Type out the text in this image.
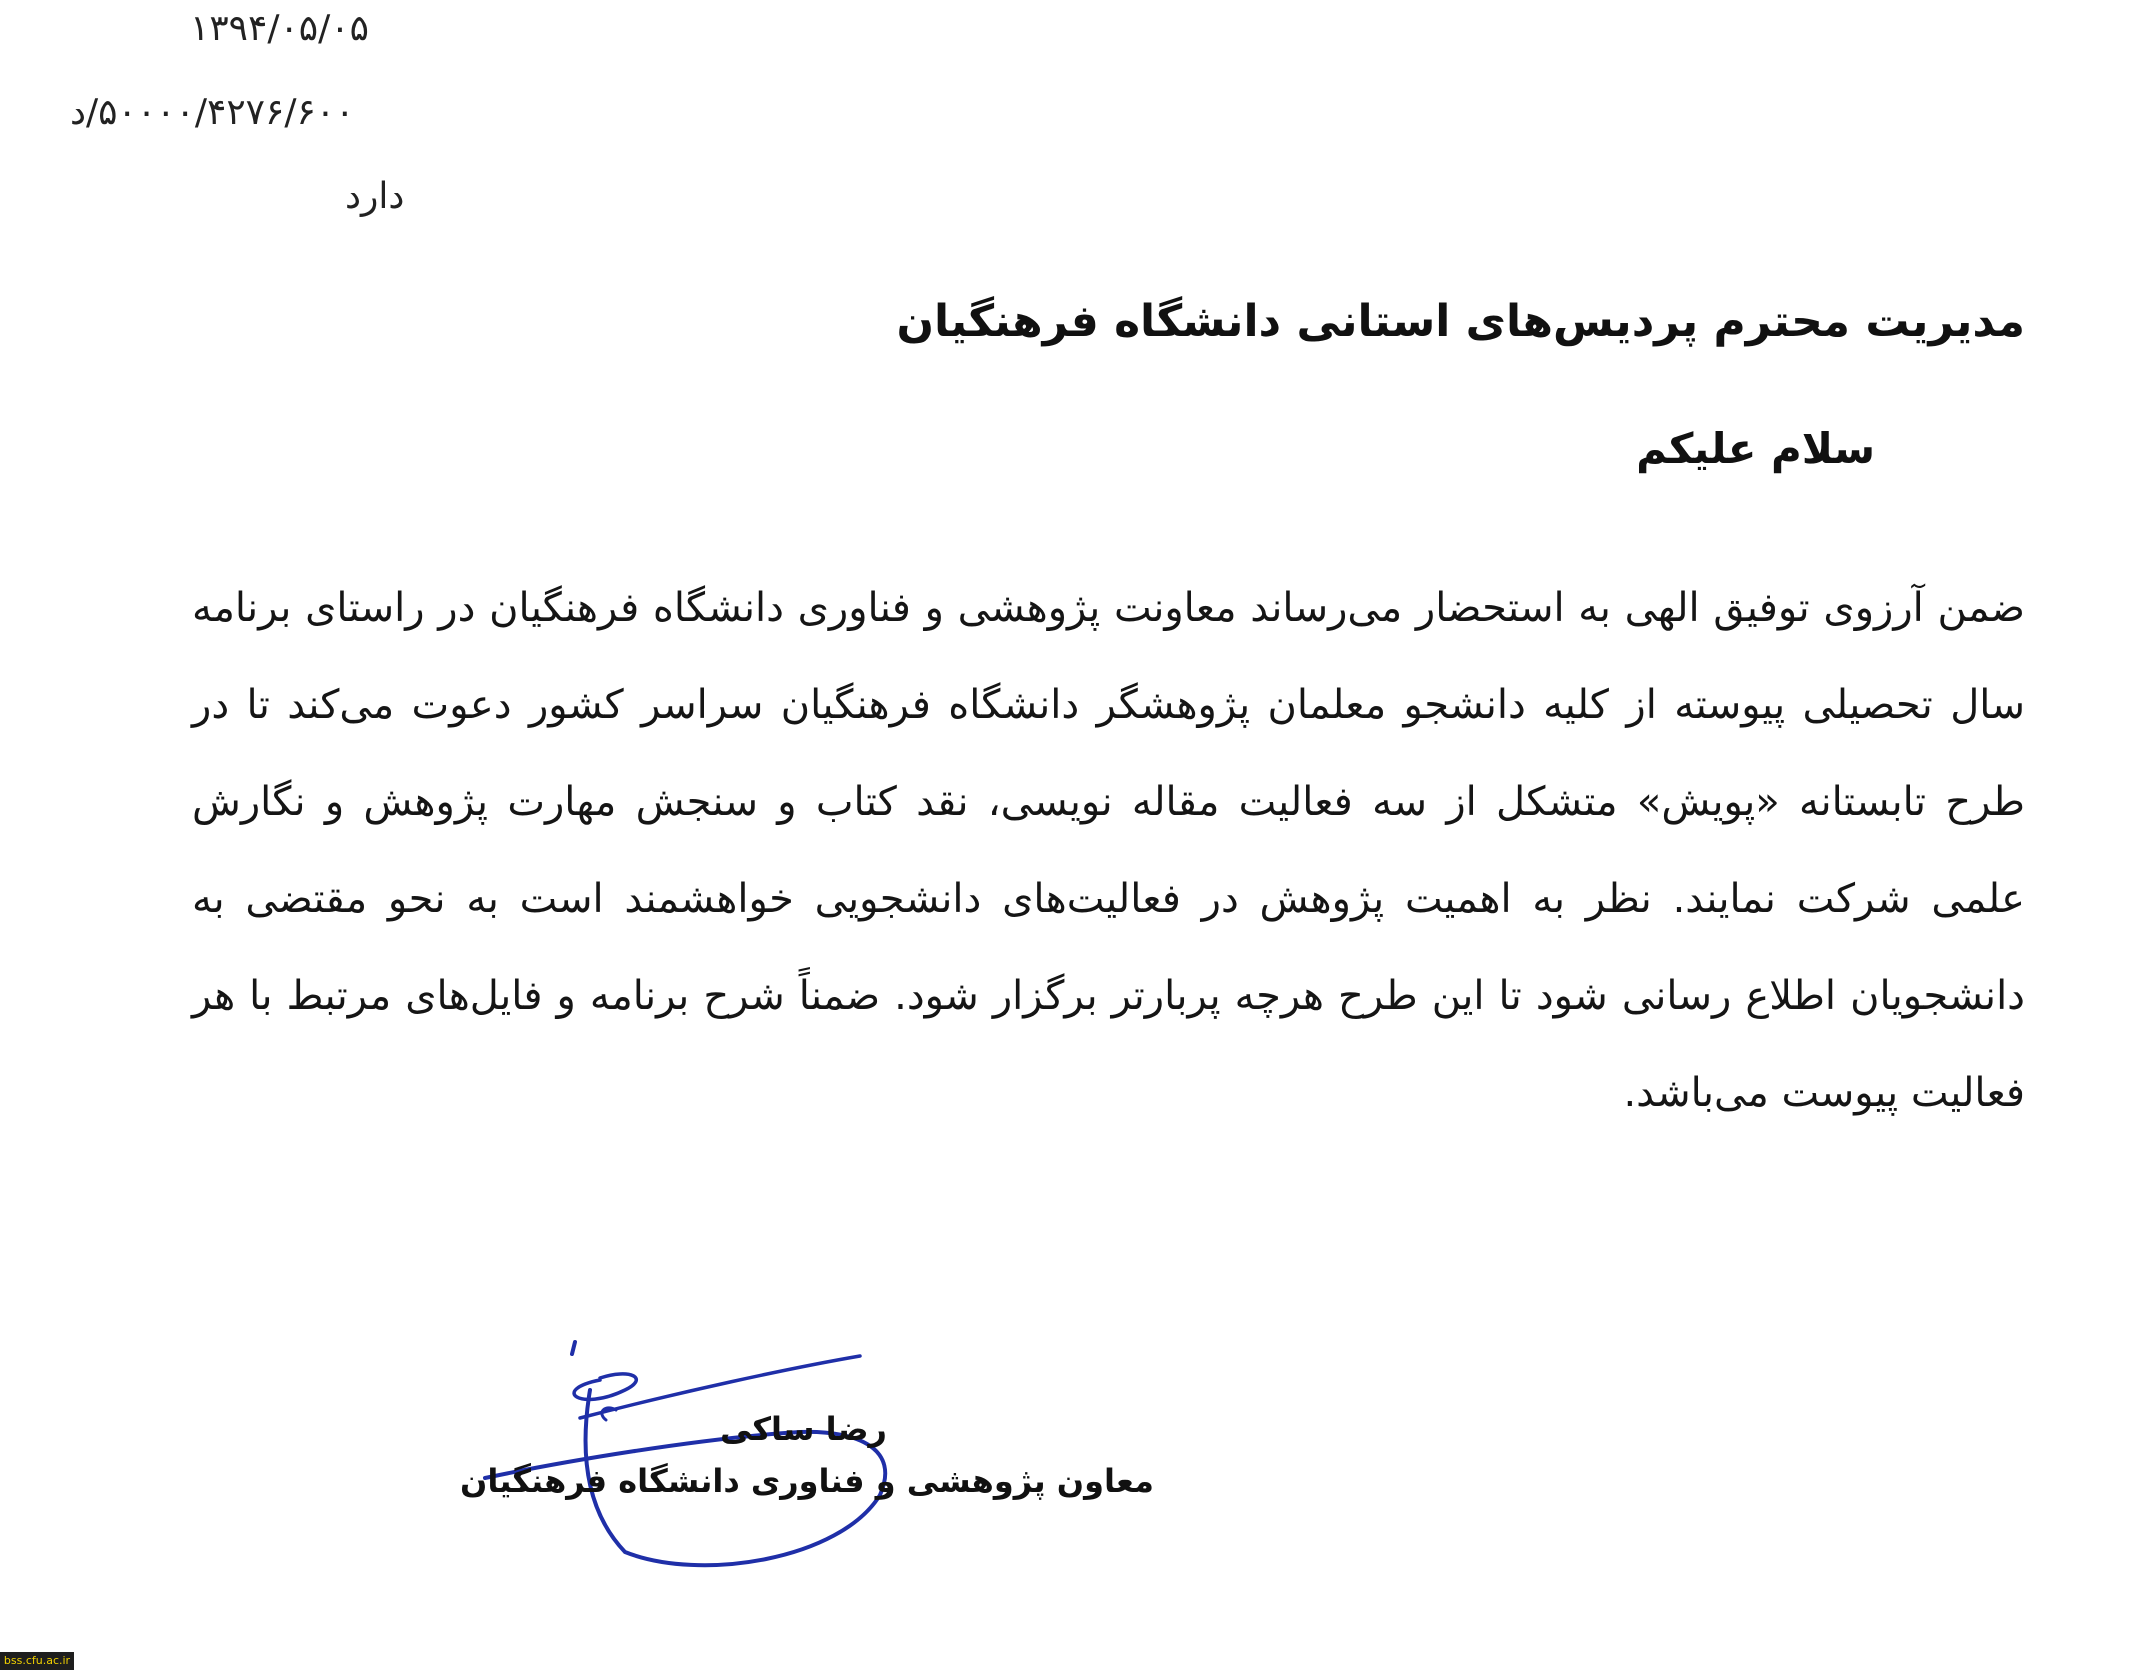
۱۳۹۴/۰۵/۰۵
۵۰۰۰۰/۴۲۷۶/۶۰۰/د
دارد
مدیریت محترم پردیس‌های استانی دانشگاه فرهنگیان
سلام علیکم
ضمن آرزوی توفیق الهی به استحضار می‌رساند معاونت پژوهشی و فناوری دانشگاه فرهنگیان در راستای برنامه سال تحصیلی پیوسته از کلیه دانشجو معلمان پژوهشگر دانشگاه فرهنگیان سراسر کشور دعوت می‌کند تا در طرح تابستانه «پویش» متشکل از سه فعالیت مقاله نویسی، نقد کتاب و سنجش مهارت پژوهش و نگارش علمی شرکت نمایند. نظر به اهمیت پژوهش در فعالیت‌های دانشجویی خواهشمند است به نحو مقتضی به دانشجویان اطلاع رسانی شود تا این طرح هرچه پربارتر برگزار شود. ضمناً شرح برنامه و فایل‌های مرتبط با هر فعالیت پیوست می‌باشد.
رضا ساکی
معاون پژوهشی و فناوری دانشگاه فرهنگیان
bss.cfu.ac.ir
